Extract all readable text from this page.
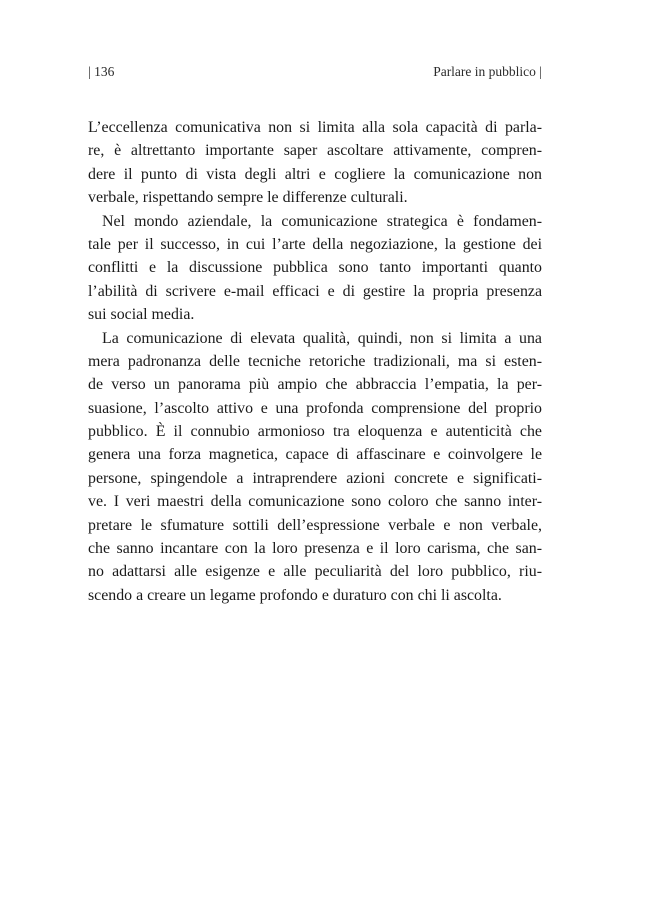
| 136	Parlare in pubblico |
L’eccellenza comunicativa non si limita alla sola capacità di parla-
re, è altrettanto importante saper ascoltare attivamente, compren-
dere il punto di vista degli altri e cogliere la comunicazione non
verbale, rispettando sempre le differenze culturali.
Nel mondo aziendale, la comunicazione strategica è fondamen-
tale per il successo, in cui l’arte della negoziazione, la gestione dei
conflitti e la discussione pubblica sono tanto importanti quanto
l’abilità di scrivere e-mail efficaci e di gestire la propria presenza
sui social media.
La comunicazione di elevata qualità, quindi, non si limita a una
mera padronanza delle tecniche retoriche tradizionali, ma si esten-
de verso un panorama più ampio che abbraccia l’empatia, la per-
suasione, l’ascolto attivo e una profonda comprensione del proprio
pubblico. È il connubio armonioso tra eloquenza e autenticità che
genera una forza magnetica, capace di affascinare e coinvolgere le
persone, spingendole a intraprendere azioni concrete e significati-
ve. I veri maestri della comunicazione sono coloro che sanno inter-
pretare le sfumature sottili dell’espressione verbale e non verbale,
che sanno incantare con la loro presenza e il loro carisma, che san-
no adattarsi alle esigenze e alle peculiarità del loro pubblico, riu-
scendo a creare un legame profondo e duraturo con chi li ascolta.
